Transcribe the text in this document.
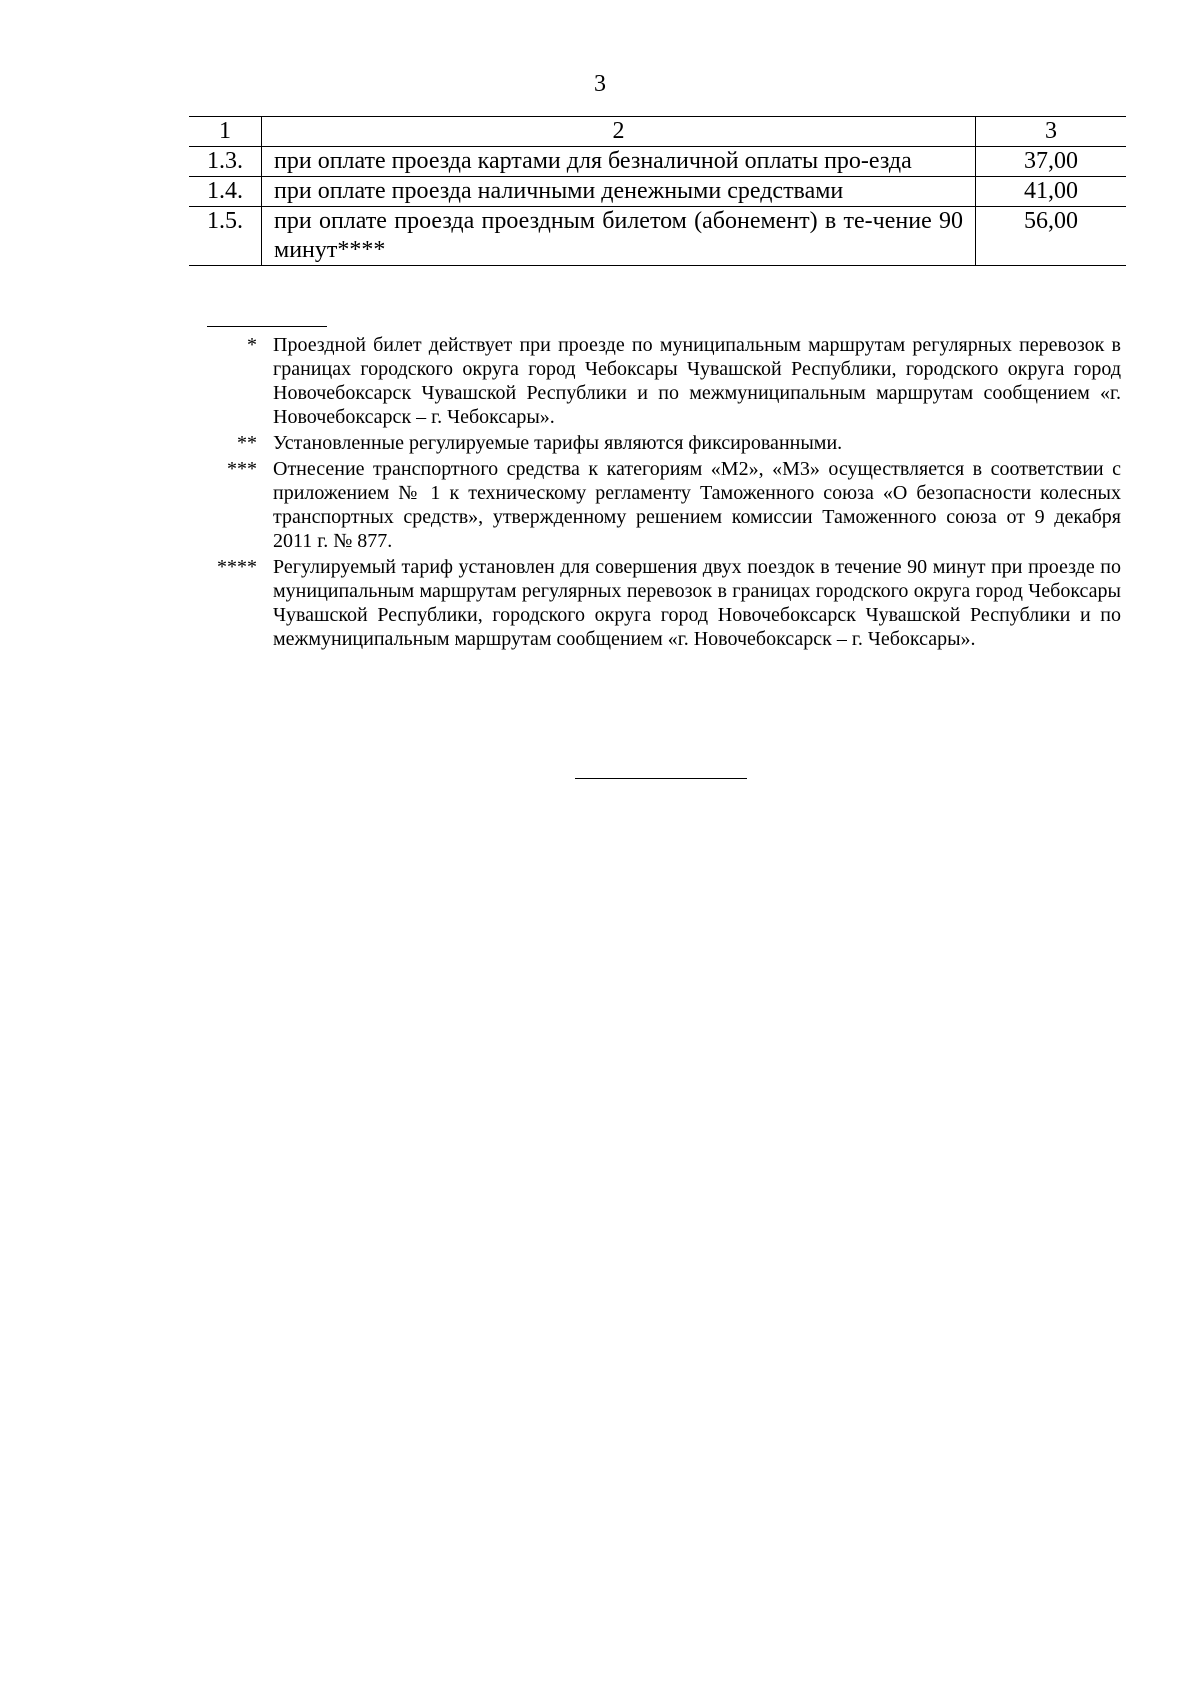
3
1	2	3
1.3.	при оплате проезда картами для безналичной оплаты про-езда	37,00
1.4.	при оплате проезда наличными денежными средствами	41,00
1.5.	при оплате проезда проездным билетом (абонемент) в те-чение 90 минут****	56,00
* Проездной билет действует при проезде по муниципальным маршрутам регулярных перевозок в границах городского округа город Чебоксары Чувашской Республики, городского округа город Новочебоксарск Чувашской Республики и по межмуниципальным маршрутам сообщением «г. Новочебоксарск – г. Чебоксары».
** Установленные регулируемые тарифы являются фиксированными.
*** Отнесение транспортного средства к категориям «М2», «М3» осуществляется в соответствии с приложением № 1 к техническому регламенту Таможенного союза «О безопасности колесных транспортных средств», утвержденному решением комиссии Таможенного союза от 9 декабря 2011 г. № 877.
**** Регулируемый тариф установлен для совершения двух поездок в течение 90 минут при проезде по муниципальным маршрутам регулярных перевозок в границах городского округа город Чебоксары Чувашской Республики, городского округа город Новочебоксарск Чувашской Республики и по межмуниципальным маршрутам сообщением «г. Новочебоксарск – г. Чебоксары».
